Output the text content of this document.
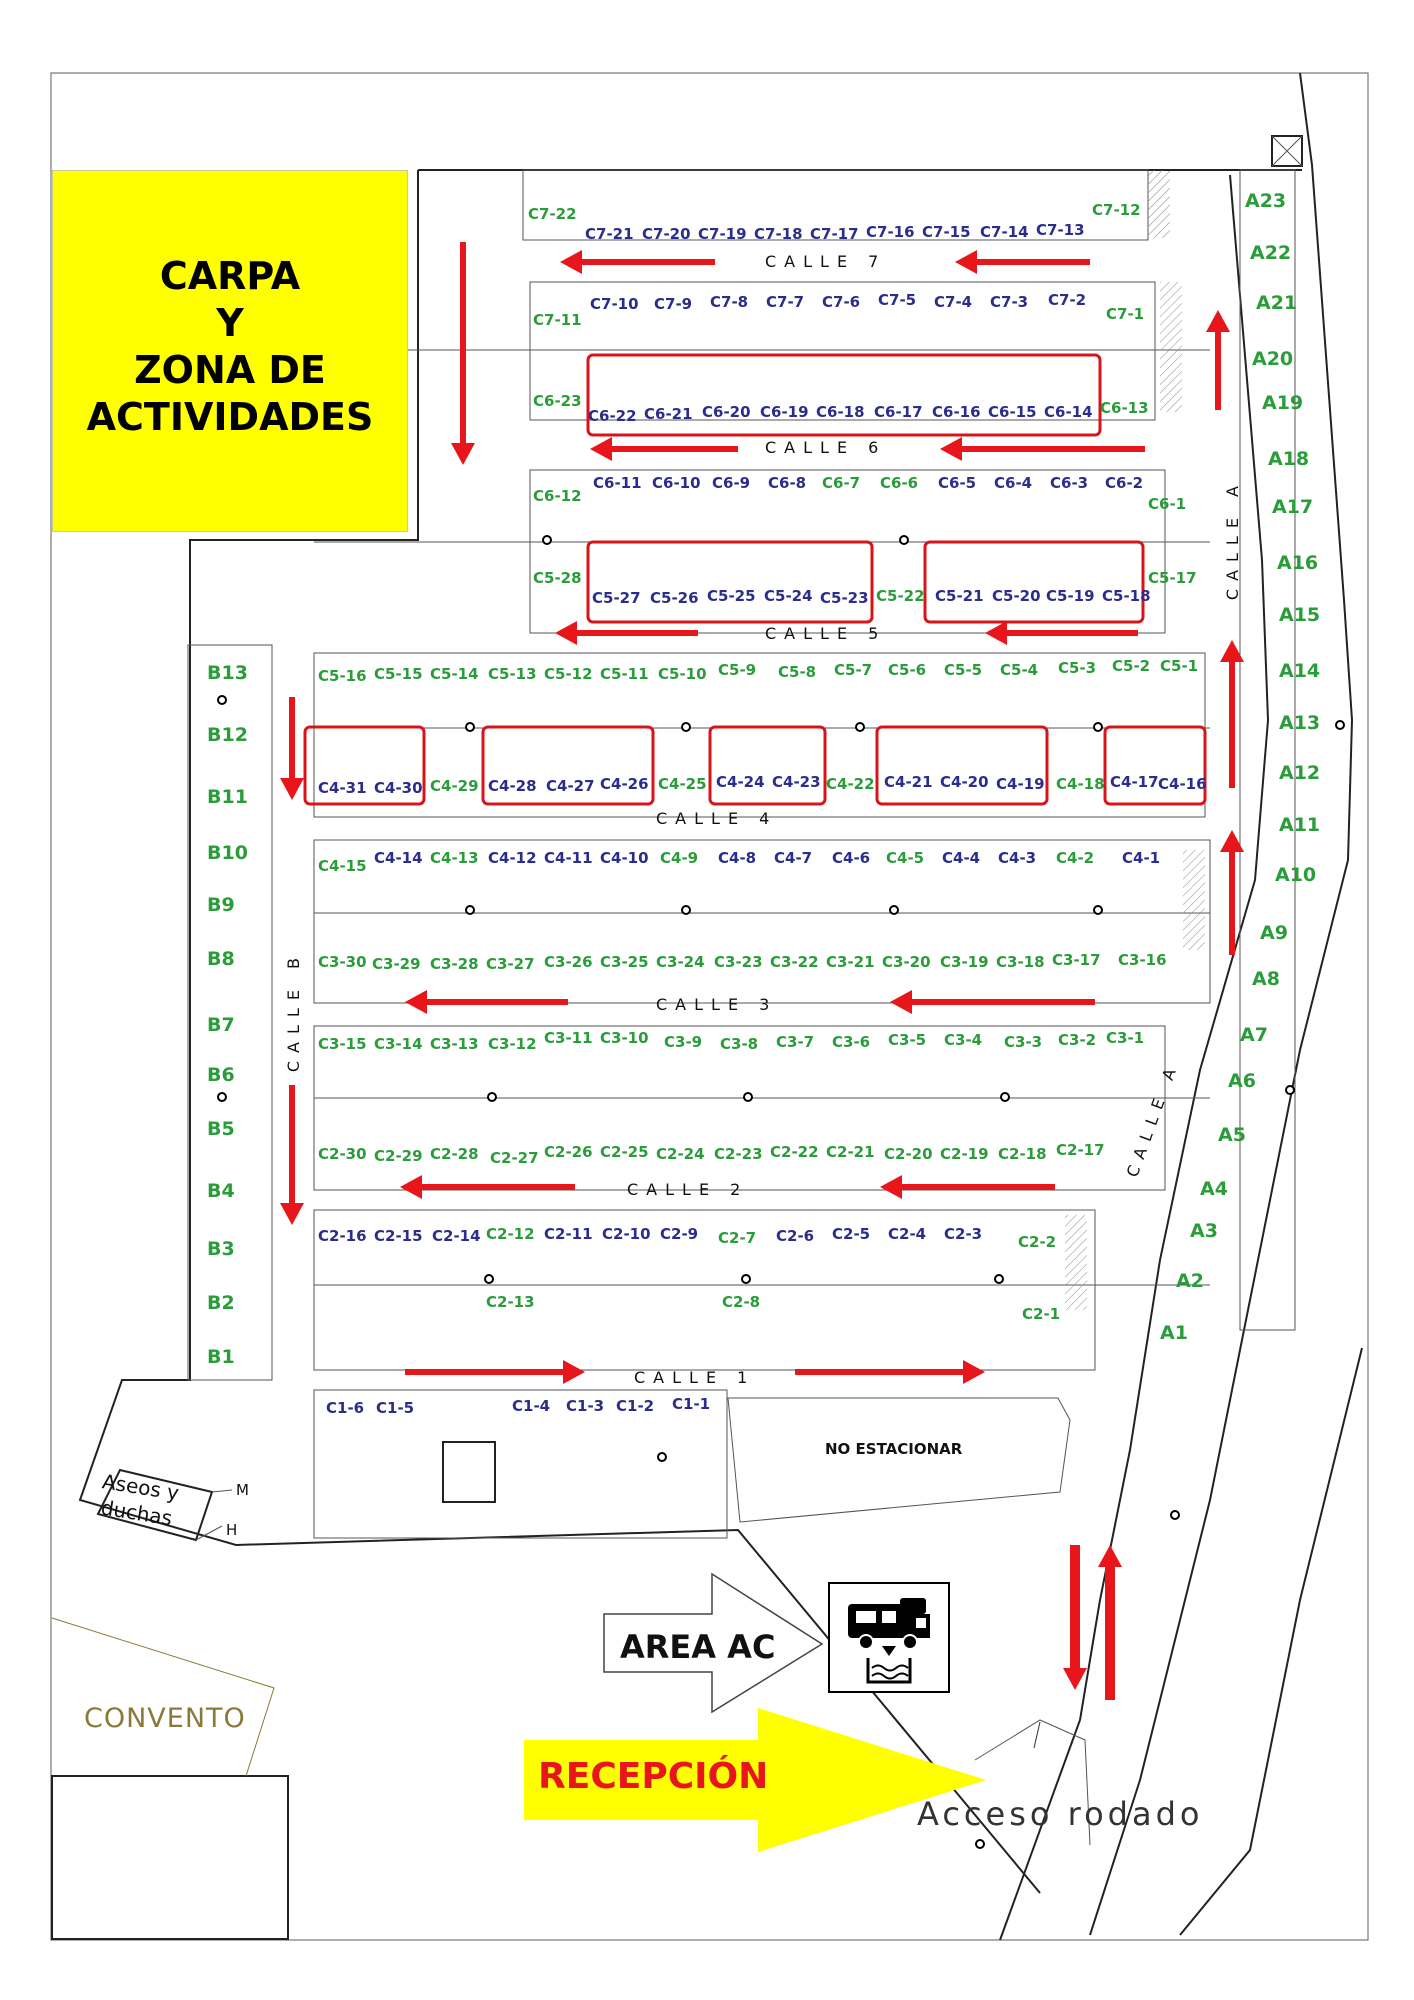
C7-22
C7-21 C7-20 C7-19 C7-18 C7-17 C7-16 C7-15 C7-14 C7-13
C7-12
C7-11
C7-10 C7-9 C7-8 C7-7 C7-6 C7-5 C7-4 C7-3 C7-2
C7-1
C6-23
C6-22 C6-21 C6-20 C6-19 C6-18 C6-17 C6-16 C6-15 C6-14 C6-13
C6-12
C6-11 C6-10 C6-9 C6-8 C6-7 C6-6 C6-5 C6-4 C6-3 C6-2
C6-1
C5-28
C5-27 C5-26 C5-25 C5-24 C5-23 C5-22 C5-21 C5-20 C5-19 C5-18
C5-17
C5-16 C5-15 C5-14 C5-13 C5-12 C5-11 C5-10 C5-9 C5-8 C5-7 C5-6 C5-5 C5-4 C5-3 C5-2 C5-1
C4-31 C4-30 C4-29 C4-28 C4-27 C4-26 C4-25 C4-24 C4-23 C4-22 C4-21 C4-20 C4-19 C4-18 C4-17 C4-16
C4-15 C4-14 C4-13 C4-12 C4-11 C4-10 C4-9 C4-8 C4-7 C4-6 C4-5 C4-4 C4-3 C4-2 C4-1
C3-30 C3-29 C3-28 C3-27 C3-26 C3-25 C3-24 C3-23 C3-22 C3-21 C3-20 C3-19 C3-18 C3-17 C3-16
C3-15 C3-14 C3-13 C3-12 C3-11 C3-10 C3-9 C3-8 C3-7 C3-6 C3-5 C3-4 C3-3 C3-2 C3-1
C2-30 C2-29 C2-28 C2-27 C2-26 C2-25 C2-24 C2-23 C2-22 C2-21 C2-20 C2-19 C2-18 C2-17
C2-16 C2-15 C2-14 C2-12 C2-11 C2-10 C2-9 C2-7 C2-6 C2-5 C2-4 C2-3 C2-2
C2-13	C2-8
C2-1
C1-6 C1-5	C1-4 C1-3 C1-2 C1-1
A23
A22
A21
A20
A19
A18
A17
A16
A15
A14
A13
A12
A11
A10
A9
A8
A7
A6
A5
A4
A3
A2
A1
B13
B12
B11
B10
B9
B8
B7
B6
B5
B4
B3
B2
B1
CARPA
Y
ZONA DE
ACTIVIDADES
NO ESTACIONAR
AREA AC
RECEPCIÓN
CONVENTO
Acceso rodado
Aseos y
duchas
M
H
CALLE 7
CALLE 6
CALLE 5
CALLE 4
CALLE 3
CALLE 2
CALLE 1
CALLE A
CALLE A
CALLE B
